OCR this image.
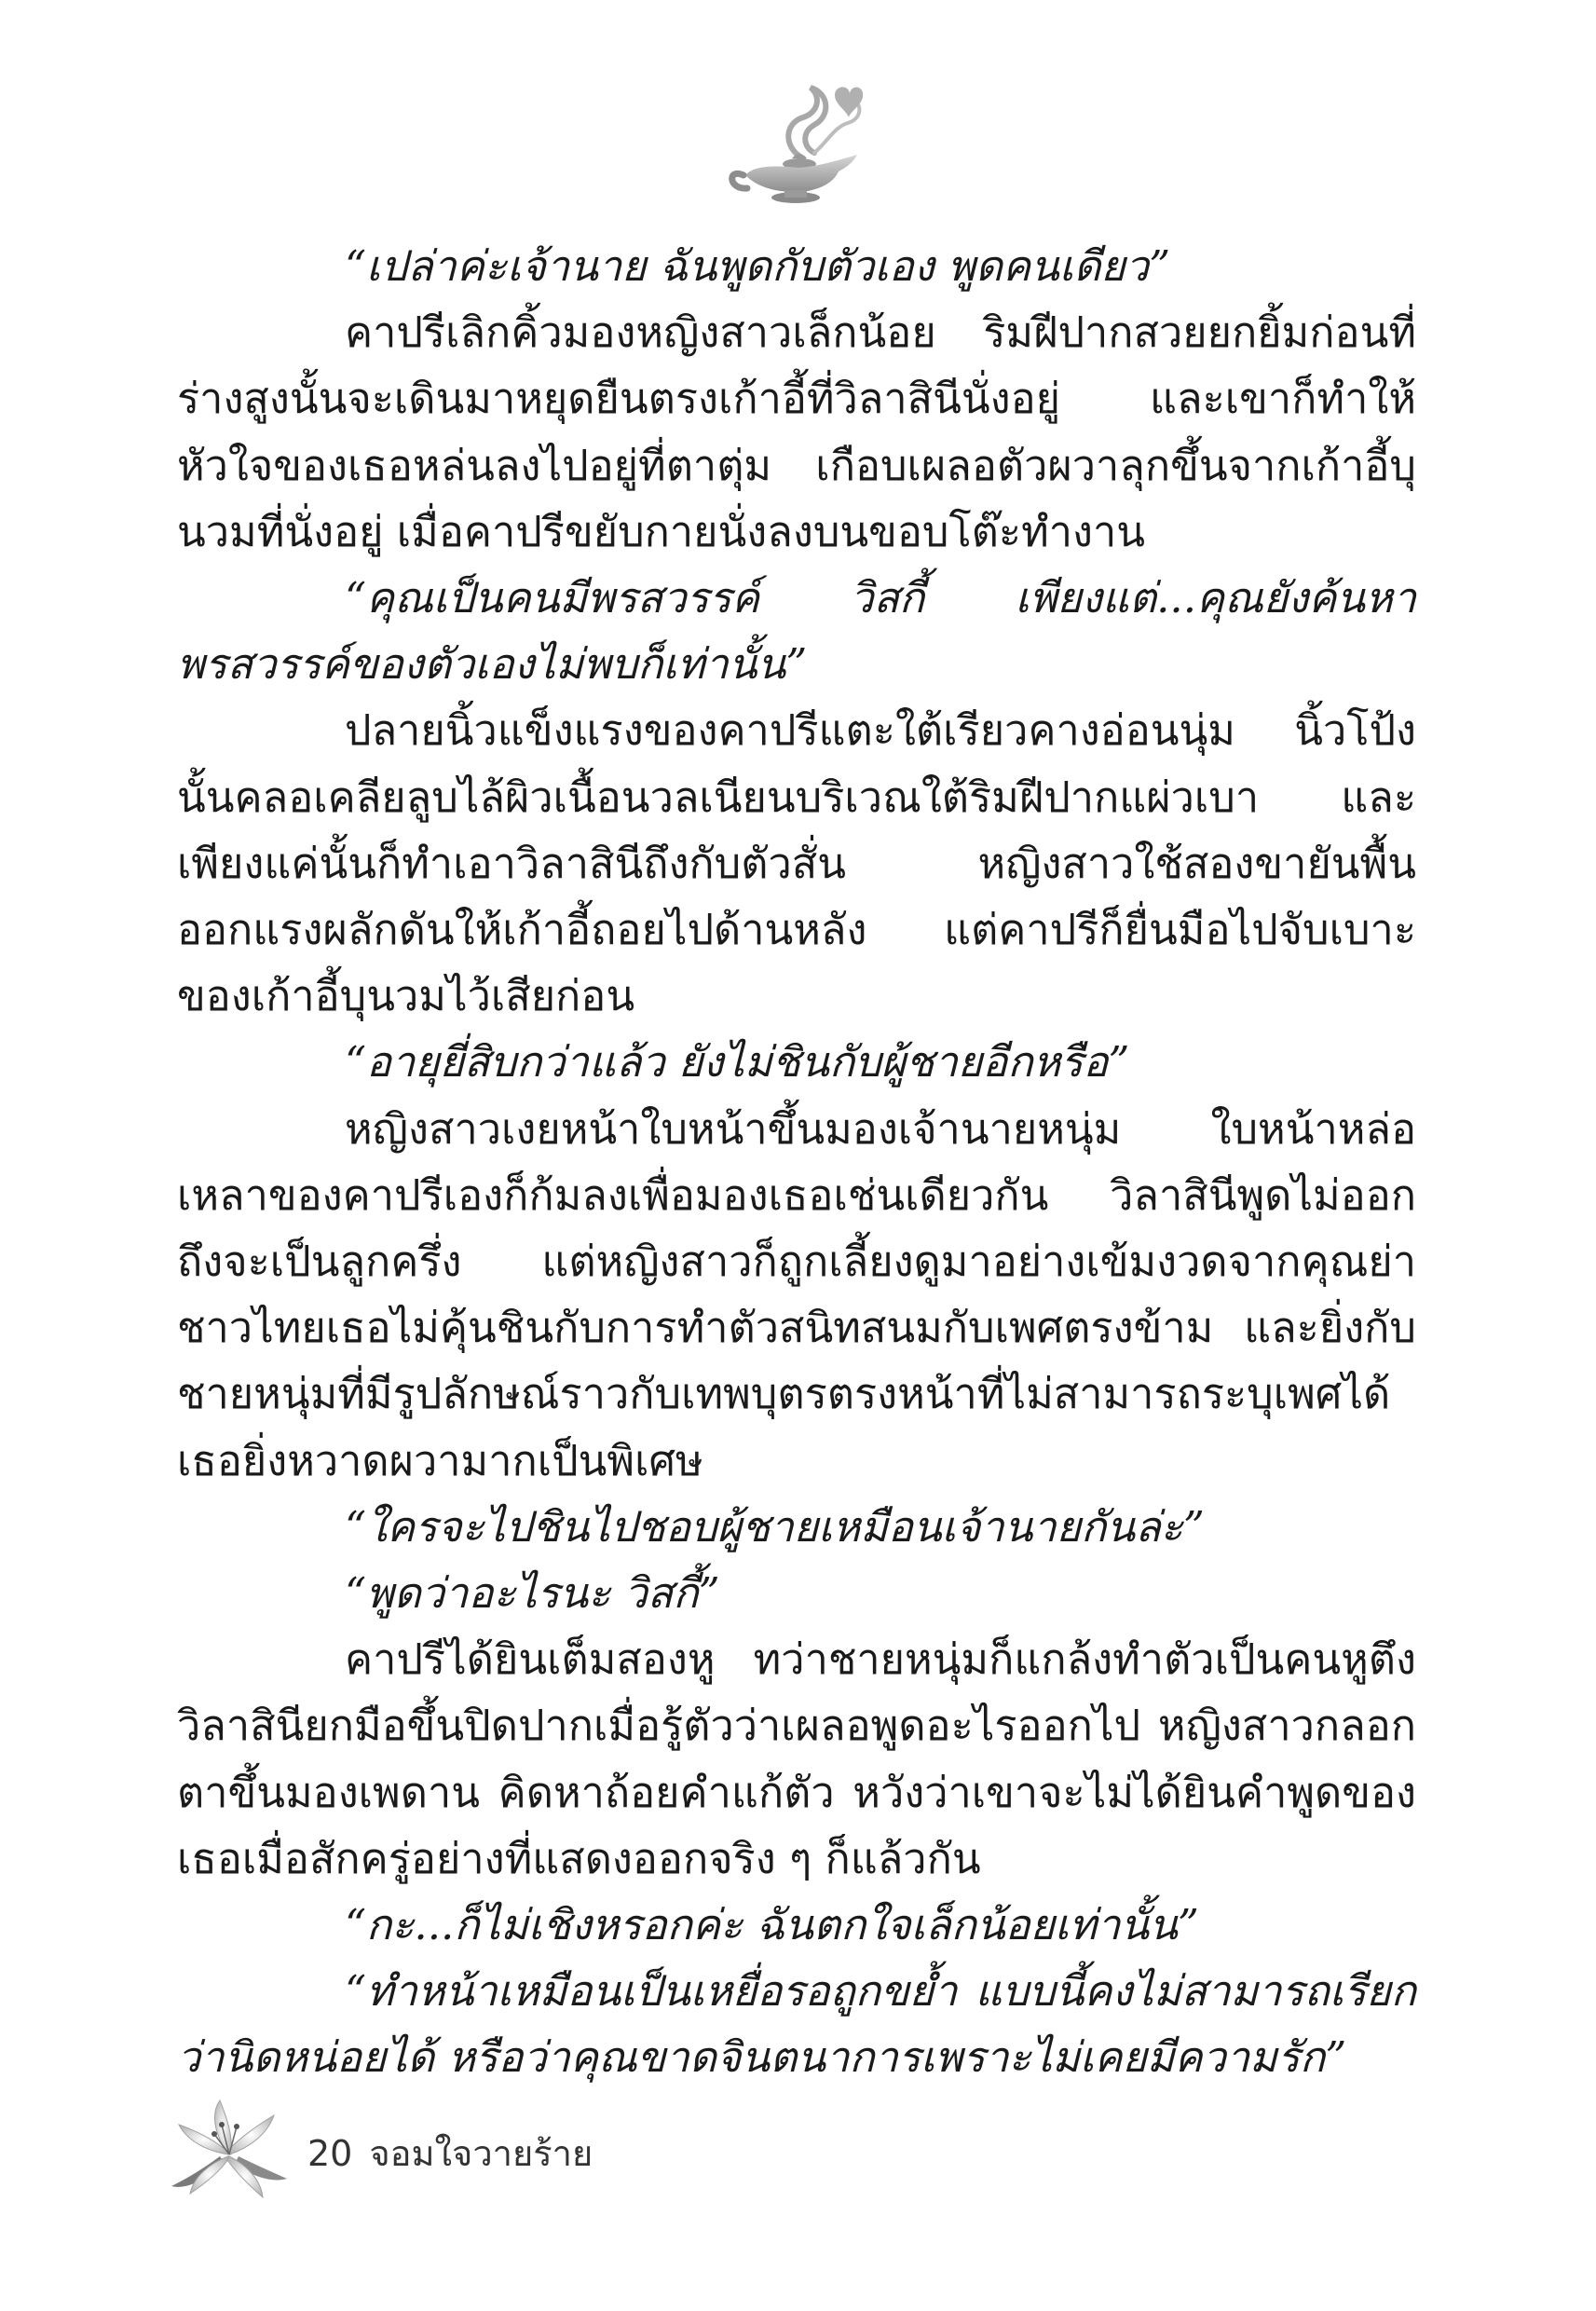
“เปล่าค่ะเจ้านาย ฉันพูดกับตัวเอง พูดคนเดียว”

คาปรีเลิกคิ้วมองหญิงสาวเล็กน้อย ริมฝีปากสวยยกยิ้มก่อนที่ร่างสูงนั้นจะเดินมาหยุดยืนตรงเก้าอี้ที่วิลาสินีนั่งอยู่ และเขาก็ทำให้หัวใจของเธอหล่นลงไปอยู่ที่ตาตุ่ม เกือบเผลอตัวผวาลุกขึ้นจากเก้าอี้บุนวมที่นั่งอยู่ เมื่อคาปรีขยับกายนั่งลงบนขอบโต๊ะทำงาน

“คุณเป็นคนมีพรสวรรค์ วิสกี้ เพียงแต่...คุณยังค้นหาพรสวรรค์ของตัวเองไม่พบก็เท่านั้น”

ปลายนิ้วแข็งแรงของคาปรีแตะใต้เรียวคางอ่อนนุ่ม นิ้วโป้งนั้นคลอเคลียลูบไล้ผิวเนื้อนวลเนียนบริเวณใต้ริมฝีปากแผ่วเบา และเพียงแค่นั้นก็ทำเอาวิลาสินีถึงกับตัวสั่น หญิงสาวใช้สองขายันพื้น ออกแรงผลักดันให้เก้าอี้ถอยไปด้านหลัง แต่คาปรีก็ยื่นมือไปจับเบาะของเก้าอี้บุนวมไว้เสียก่อน

“อายุยี่สิบกว่าแล้ว ยังไม่ชินกับผู้ชายอีกหรือ”

หญิงสาวเงยหน้าใบหน้าขึ้นมองเจ้านายหนุ่ม ใบหน้าหล่อเหลาของคาปรีเองก็ก้มลงเพื่อมองเธอเช่นเดียวกัน วิลาสินีพูดไม่ออก ถึงจะเป็นลูกครึ่ง แต่หญิงสาวก็ถูกเลี้ยงดูมาอย่างเข้มงวดจากคุณย่าชาวไทยเธอไม่คุ้นชินกับการทำตัวสนิทสนมกับเพศตรงข้าม และยิ่งกับชายหนุ่มที่มีรูปลักษณ์ราวกับเทพบุตรตรงหน้าที่ไม่สามารถระบุเพศได้ เธอยิ่งหวาดผวามากเป็นพิเศษ

“ใครจะไปชินไปชอบผู้ชายเหมือนเจ้านายกันล่ะ”

“พูดว่าอะไรนะ วิสกี้”

คาปรีได้ยินเต็มสองหู ทว่าชายหนุ่มก็แกล้งทำตัวเป็นคนหูตึงวิลาสินียกมือขึ้นปิดปากเมื่อรู้ตัวว่าเผลอพูดอะไรออกไป หญิงสาวกลอกตาขึ้นมองเพดาน คิดหาถ้อยคำแก้ตัว หวังว่าเขาจะไม่ได้ยินคำพูดของเธอเมื่อสักครู่อย่างที่แสดงออกจริง ๆ ก็แล้วกัน

“กะ...ก็ไม่เชิงหรอกค่ะ ฉันตกใจเล็กน้อยเท่านั้น”

“ทำหน้าเหมือนเป็นเหยื่อรอถูกขย้ำ แบบนี้คงไม่สามารถเรียกว่านิดหน่อยได้ หรือว่าคุณขาดจินตนาการเพราะไม่เคยมีความรัก”

20 จอมใจวายร้าย
